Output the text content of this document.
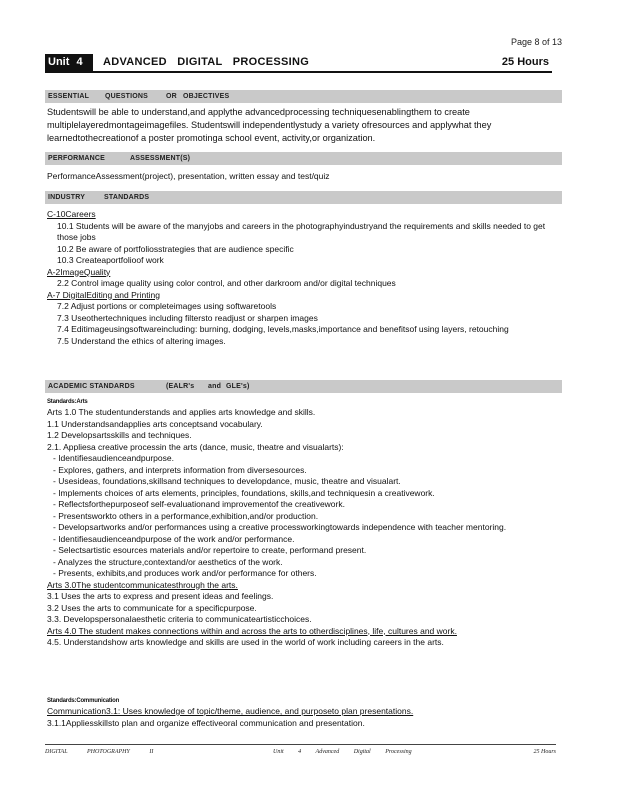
Page 8 of 13
Unit 4	ADVANCED DIGITAL PROCESSING	25 Hours
ESSENTIAL QUESTIONS	OR OBJECTIVES
Studentswill be able to understand,and applythe advancedprocessing techniquesenablingthem to create
multiplelayeredmontageimagefiles. Studentswill independentlystudy a variety ofresources and applywhat they
learnedtothecreationof a poster promotinga school event, activity,or organization.
PERFORMANCE	ASSESSMENT(S)
PerformanceAssessment(project), presentation, written essay and test/quiz
INDUSTRY	STANDARDS
C-10Careers
10.1 Students will be aware of the manyjobs and careers in the photographyindustryand the requirements and skills needed to get those jobs
10.2 Be aware of portfoliosstrategies that are audience specific
10.3 Createaportfolioof work
A-2ImageQuality
2.2 Control image quality using color control, and other darkroom and/or digital techniques
A-7 DigitalEditing and Printing
7.2 Adjust portions or completeimages using softwaretools
7.3 Useothertechniques including filtersto readjust or sharpen images
7.4 Editimageusingsoftwareincluding: burning, dodging, levels,masks,importance and benefitsof using layers, retouching
7.5 Understand the ethics of altering images.
ACADEMIC STANDARDS	(EALR's and GLE's)
Standards:Arts
Arts 1.0 The studentunderstands and applies arts knowledge and skills.
1.1 Understandsandapplies arts conceptsand vocabulary.
1.2 Developsartsskills and techniques.
2.1. Appliesa creative processin the arts (dance, music, theatre and visualarts):
- Identifiesaudienceandpurpose.
- Explores, gathers, and interprets information from diversesources.
- Usesideas, foundations,skillsand techniques to developdance, music, theatre and visualart.
- Implements choices of arts elements, principles, foundations, skills,and techniquesin a creativework.
- Reflectsforthepurposeof self-evaluationand improvementof the creativework.
- Presentsworkto others in a performance,exhibition,and/or production.
- Developsartworks and/or performances using a creative processworkingtowards independence with teacher mentoring.
- Identifiesaudienceandpurpose of the work and/or performance.
- Selectsartistic esources materials and/or repertoire to create, performand present.
- Analyzes the structure,contextand/or aesthetics of the work.
- Presents, exhibits,and produces work and/or performance for others.
Arts 3.0The studentcommunicatesthrough the arts.
3.1 Uses the arts to express and present ideas and feelings.
3.2 Uses the arts to communicate for a specificpurpose.
3.3. Developspersonalaesthetic criteria to communicateartisticchoices.
Arts 4.0 The student makes connections within and across the arts to otherdisciplines, life, cultures and work.
4.5. Understandshow arts knowledge and skills are used in the world of work including careers in the arts.
Standards:Communication
Communication3.1: Uses knowledge of topic/theme, audience, and purposeto plan presentations.
3.1.1Appliesskillsto plan and organize effectiveoral communication and presentation.
DIGITAL PHOTOGRAPHY II	Unit 4 Advanced Digital Processing	25 Hours
